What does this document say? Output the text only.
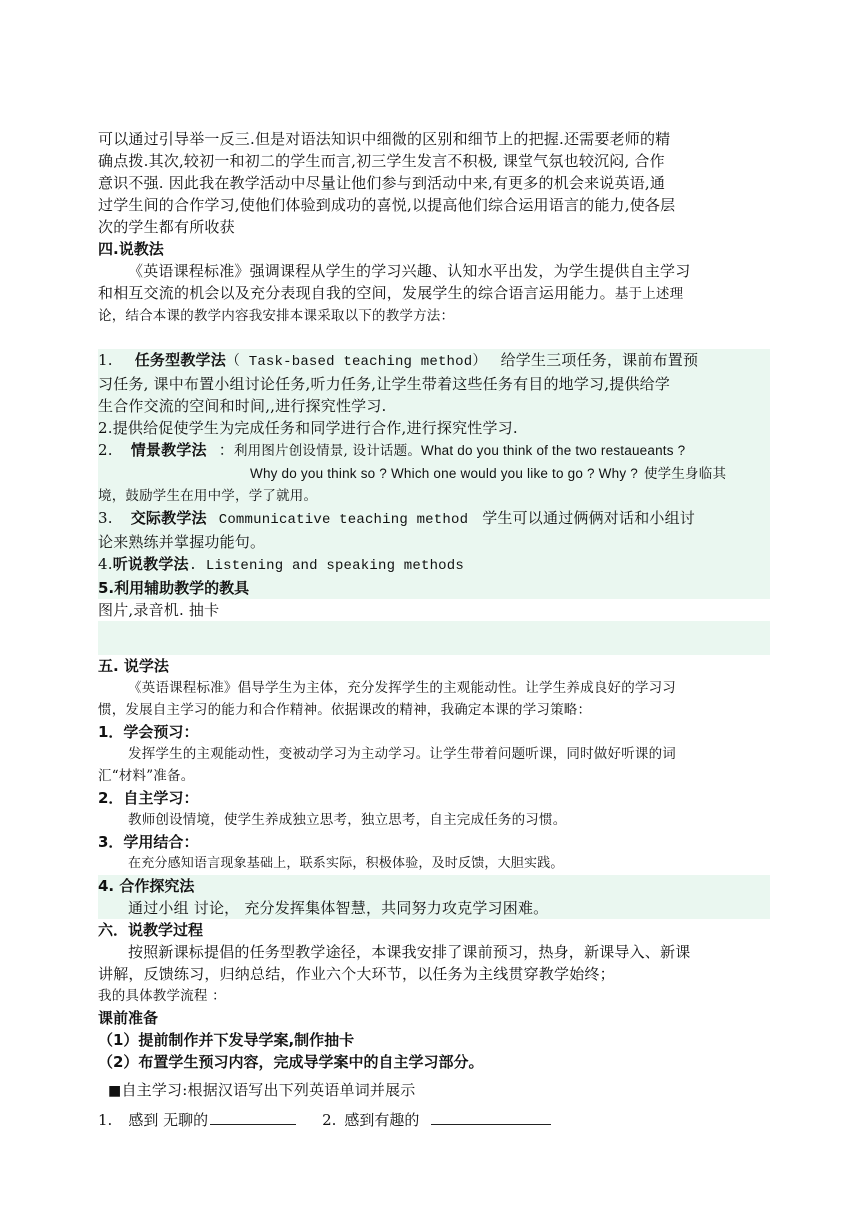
可以通过引导举一反三.但是对语法知识中细微的区别和细节上的把握.还需要老师的精

确点拨.其次,较初一和初二的学生而言,初三学生发言不积极, 课堂气氛也较沉闷, 合作

意识不强. 因此我在教学活动中尽量让他们参与到活动中来,有更多的机会来说英语,通

过学生间的合作学习,使他们体验到成功的喜悦,以提高他们综合运用语言的能力,使各层

次的学生都有所收获

四.说教法

《英语课程标准》强调课程从学生的学习兴趣、认知水平出发，为学生提供自主学习

和相互交流的机会以及充分表现自我的空间，发展学生的综合语言运用能力。基于上述理

论，结合本课的教学内容我安排本课采取以下的教学方法：

1. 任务型教学法（ Task-based teaching method） 给学生三项任务，课前布置预

习任务, 课中布置小组讨论任务,听力任务,让学生带着这些任务有目的地学习,提供给学

生合作交流的空间和时间,,进行探究性学习.

2.提供给促使学生为完成任务和同学进行合作,进行探究性学习.

2. 情景教学法 ：利用图片创设情景, 设计话题。What do you think of the two restaueants ?

Why do you think so ? Which one would you like to go ? Why ? 使学生身临其

境，鼓励学生在用中学，学了就用。

3. 交际教学法 Communicative teaching method 学生可以通过俩俩对话和小组讨

论来熟练并掌握功能句。

4.听说教学法. Listening and speaking methods

5.利用辅助教学的教具

图片,录音机. 抽卡

五. 说学法

《英语课程标准》倡导学生为主体，充分发挥学生的主观能动性。让学生养成良好的学习习

惯，发展自主学习的能力和合作精神。依据课改的精神，我确定本课的学习策略：

1．学会预习：

发挥学生的主观能动性，变被动学习为主动学习。让学生带着问题听课，同时做好听课的词

汇“材料”准备。

2．自主学习：

教师创设情境，使学生养成独立思考，独立思考，自主完成任务的习惯。

3．学用结合：

在充分感知语言现象基础上，联系实际，积极体验，及时反馈，大胆实践。

4. 合作探究法

通过小组 讨论， 充分发挥集体智慧，共同努力攻克学习困难。

六．说教学过程

按照新课标提倡的任务型教学途径，本课我安排了课前预习，热身，新课导入、新课

讲解，反馈练习，归纳总结，作业六个大环节，以任务为主线贯穿教学始终；

我的具体教学流程 ：

课前准备

（1）提前制作并下发导学案,制作抽卡

（2）布置学生预习内容，完成导学案中的自主学习部分。

■自主学习:根据汉语写出下列英语单词并展示

1. 感到 无聊的	2. 感到有趣的
